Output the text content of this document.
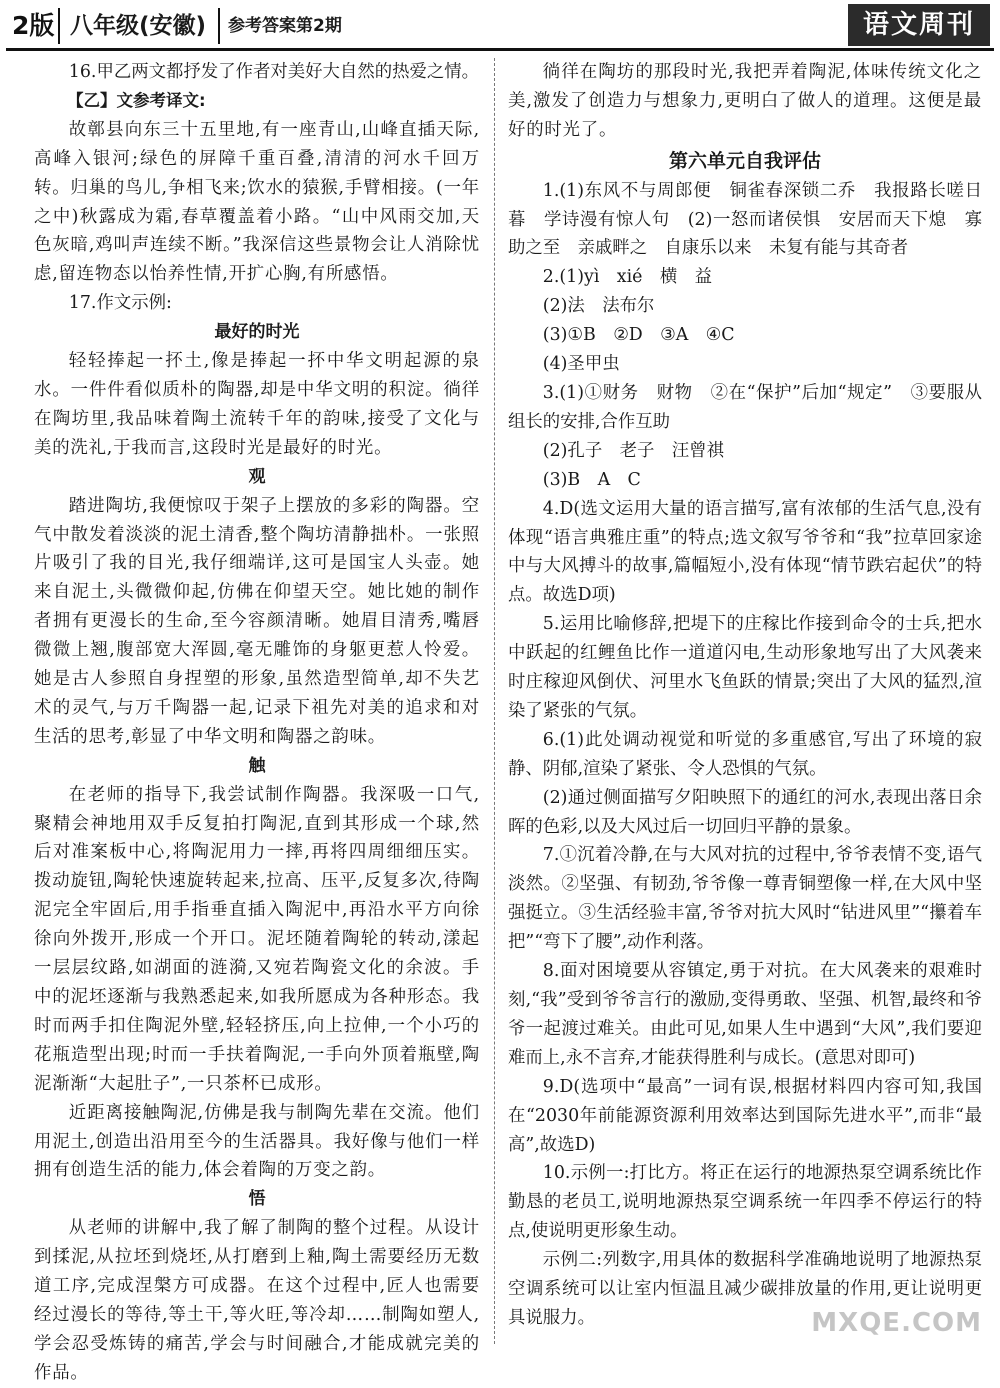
2版 八年级(安徽) 参考答案第2期	语文周刊
16.甲乙两文都抒发了作者对美好大自然的热爱之情。
【乙】文参考译文:
故鄣县向东三十五里地,有一座青山,山峰直插天际,高峰入银河;绿色的屏障千重百叠,清清的河水千回万转。归巢的鸟儿,争相飞来;饮水的猿猴,手臂相接。(一年之中)秋露成为霜,春草覆盖着小路。“山中风雨交加,天色灰暗,鸡叫声连续不断。”我深信这些景物会让人消除忧虑,留连物态以怡养性情,开扩心胸,有所感悟。
17.作文示例:
最好的时光
轻轻捧起一抔土,像是捧起一抔中华文明起源的泉水。一件件看似质朴的陶器,却是中华文明的积淀。徜徉在陶坊里,我品味着陶土流转千年的韵味,接受了文化与美的洗礼,于我而言,这段时光是最好的时光。
观
踏进陶坊,我便惊叹于架子上摆放的多彩的陶器。空气中散发着淡淡的泥土清香,整个陶坊清静拙朴。一张照片吸引了我的目光,我仔细端详,这可是国宝人头壶。她来自泥土,头微微仰起,仿佛在仰望天空。她比她的制作者拥有更漫长的生命,至今容颜清晰。她眉目清秀,嘴唇微微上翘,腹部宽大浑圆,毫无雕饰的身躯更惹人怜爱。她是古人参照自身捏塑的形象,虽然造型简单,却不失艺术的灵气,与万千陶器一起,记录下祖先对美的追求和对生活的思考,彰显了中华文明和陶器之韵味。
触
在老师的指导下,我尝试制作陶器。我深吸一口气,聚精会神地用双手反复拍打陶泥,直到其形成一个球,然后对准案板中心,将陶泥用力一摔,再将四周细细压实。拨动旋钮,陶轮快速旋转起来,拉高、压平,反复多次,待陶泥完全牢固后,用手指垂直插入陶泥中,再沿水平方向徐徐向外拨开,形成一个开口。泥坯随着陶轮的转动,漾起一层层纹路,如湖面的涟漪,又宛若陶瓷文化的余波。手中的泥坯逐渐与我熟悉起来,如我所愿成为各种形态。我时而两手扣住陶泥外壁,轻轻挤压,向上拉伸,一个小巧的花瓶造型出现;时而一手扶着陶泥,一手向外顶着瓶壁,陶泥渐渐“大起肚子”,一只茶杯已成形。
近距离接触陶泥,仿佛是我与制陶先辈在交流。他们用泥土,创造出沿用至今的生活器具。我好像与他们一样拥有创造生活的能力,体会着陶的万变之韵。
悟
从老师的讲解中,我了解了制陶的整个过程。从设计到揉泥,从拉坯到烧坯,从打磨到上釉,陶土需要经历无数道工序,完成涅槃方可成器。在这个过程中,匠人也需要经过漫长的等待,等土干,等火旺,等冷却……制陶如塑人,学会忍受炼铸的痛苦,学会与时间融合,才能成就完美的作品。
徜徉在陶坊的那段时光,我把弄着陶泥,体味传统文化之美,激发了创造力与想象力,更明白了做人的道理。这便是最好的时光了。
第六单元自我评估
1.(1)东风不与周郎便　铜雀春深锁二乔　我报路长嗟日暮　学诗漫有惊人句　(2)一怒而诸侯惧　安居而天下熄　寡助之至　亲戚畔之　自康乐以来　未复有能与其奇者
2.(1)yì　xié　横　益
(2)法　法布尔
(3)①B　②D　③A　④C
(4)圣甲虫
3.(1)①财务　财物　②在“保护”后加“规定”　③要服从组长的安排,合作互助
(2)孔子　老子　汪曾祺
(3)B　A　C
4.D(选文运用大量的语言描写,富有浓郁的生活气息,没有体现“语言典雅庄重”的特点;选文叙写爷爷和“我”拉草回家途中与大风搏斗的故事,篇幅短小,没有体现“情节跌宕起伏”的特点。故选D项)
5.运用比喻修辞,把堤下的庄稼比作接到命令的士兵,把水中跃起的红鲤鱼比作一道道闪电,生动形象地写出了大风袭来时庄稼迎风倒伏、河里水飞鱼跃的情景;突出了大风的猛烈,渲染了紧张的气氛。
6.(1)此处调动视觉和听觉的多重感官,写出了环境的寂静、阴郁,渲染了紧张、令人恐惧的气氛。
(2)通过侧面描写夕阳映照下的通红的河水,表现出落日余晖的色彩,以及大风过后一切回归平静的景象。
7.①沉着冷静,在与大风对抗的过程中,爷爷表情不变,语气淡然。②坚强、有韧劲,爷爷像一尊青铜塑像一样,在大风中坚强挺立。③生活经验丰富,爷爷对抗大风时“钻进风里”“攥着车把”“弯下了腰”,动作利落。
8.面对困境要从容镇定,勇于对抗。在大风袭来的艰难时刻,“我”受到爷爷言行的激励,变得勇敢、坚强、机智,最终和爷爷一起渡过难关。由此可见,如果人生中遇到“大风”,我们要迎难而上,永不言弃,才能获得胜利与成长。(意思对即可)
9.D(选项中“最高”一词有误,根据材料四内容可知,我国在“2030年前能源资源利用效率达到国际先进水平”,而非“最高”,故选D)
10.示例一:打比方。将正在运行的地源热泵空调系统比作勤恳的老员工,说明地源热泵空调系统一年四季不停运行的特点,使说明更形象生动。
示例二:列数字,用具体的数据科学准确地说明了地源热泵空调系统可以让室内恒温且减少碳排放量的作用,更让说明更具说服力。	MXQE.COM
